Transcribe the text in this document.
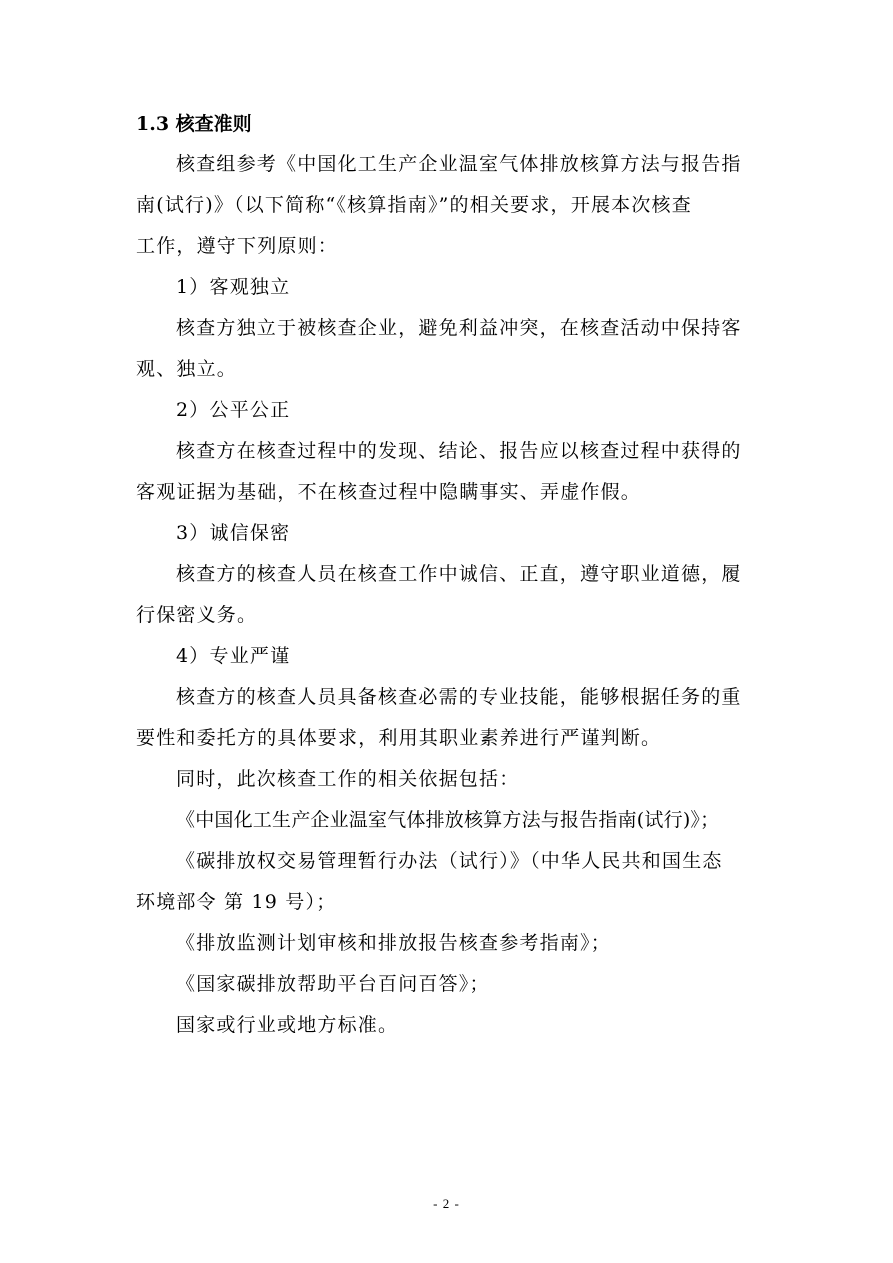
1.3 核查准则
核查组参考《中国化工生产企业温室气体排放核算方法与报告指
南(试行)》（以下简称“《核算指南》”的相关要求，开展本次核查
工作，遵守下列原则：
1）客观独立
核查方独立于被核查企业，避免利益冲突，在核查活动中保持客
观、独立。
2）公平公正
核查方在核查过程中的发现、结论、报告应以核查过程中获得的
客观证据为基础，不在核查过程中隐瞒事实、弄虚作假。
3）诚信保密
核查方的核查人员在核查工作中诚信、正直，遵守职业道德，履
行保密义务。
4）专业严谨
核查方的核查人员具备核查必需的专业技能，能够根据任务的重
要性和委托方的具体要求，利用其职业素养进行严谨判断。
同时，此次核查工作的相关依据包括：
《中国化工生产企业温室气体排放核算方法与报告指南(试行)》；
《碳排放权交易管理暂行办法（试行）》（中华人民共和国生态
环境部令 第 19 号）；
《排放监测计划审核和排放报告核查参考指南》；
《国家碳排放帮助平台百问百答》；
国家或行业或地方标准。
- 2 -
